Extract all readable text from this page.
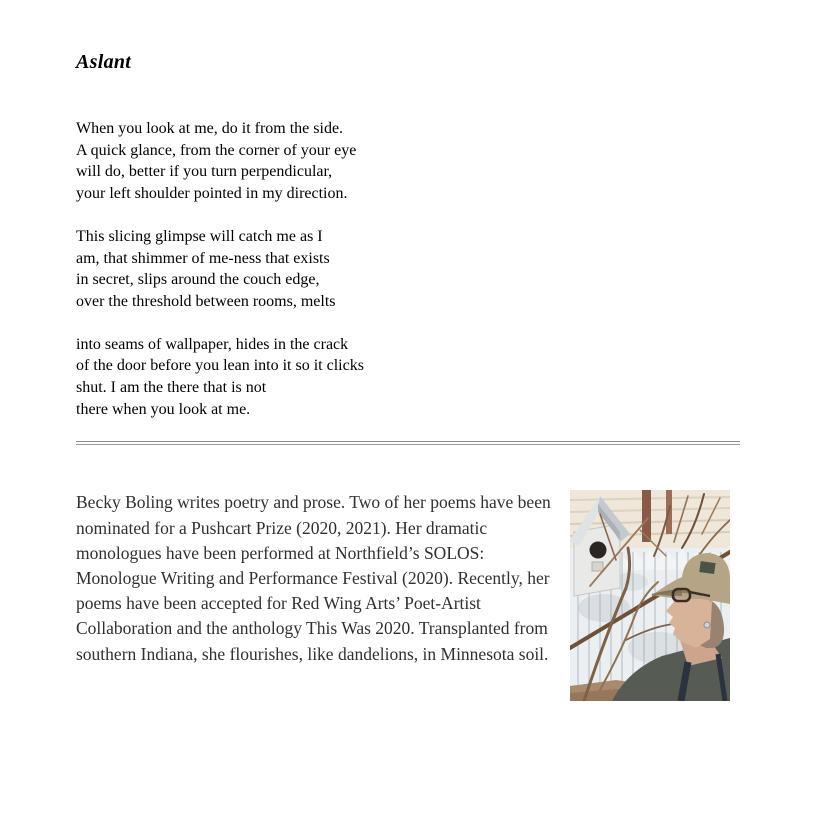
Aslant

When you look at me, do it from the side.
A quick glance, from the corner of your eye
will do, better if you turn perpendicular,
your left shoulder pointed in my direction.

This slicing glimpse will catch me as I
am, that shimmer of me-ness that exists
in secret, slips around the couch edge,
over the threshold between rooms, melts

into seams of wallpaper, hides in the crack
of the door before you lean into it so it clicks
shut. I am the there that is not
there when you look at me.

Becky Boling writes poetry and prose. Two of her poems have been nominated for a Pushcart Prize (2020, 2021). Her dramatic monologues have been performed at Northfield’s SOLOS: Monologue Writing and Performance Festival (2020). Recently, her poems have been accepted for Red Wing Arts’ Poet-Artist Collaboration and the anthology This Was 2020. Transplanted from southern Indiana, she flourishes, like dandelions, in Minnesota soil.
